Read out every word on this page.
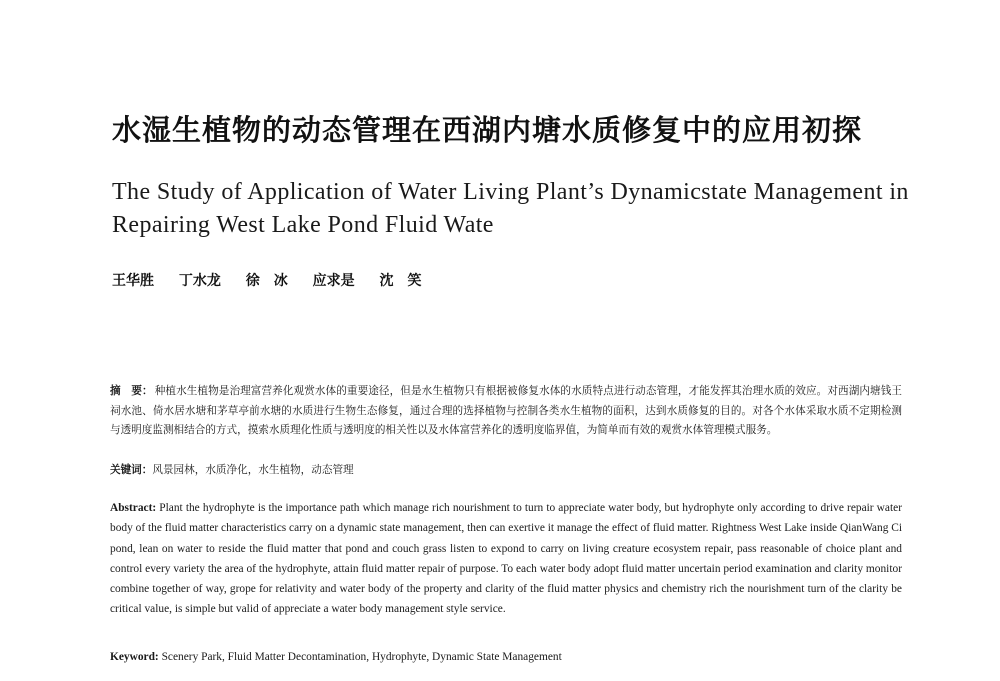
水湿生植物的动态管理在西湖内塘水质修复中的应用初探
The Study of Application of Water Living Plant’s Dynamicstate Management in Repairing West Lake Pond Fluid Wate
王华胜 丁水龙 徐　冰 应求是 沈　笑
摘　要： 种植水生植物是治理富营养化观赏水体的重要途径，但是水生植物只有根据被修复水体的水质特点进行动态管理，才能发挥其治理水质的效应。对西湖内塘钱王祠水池、倚水居水塘和茅草亭前水塘的水质进行生物生态修复，通过合理的选择植物与控制各类水生植物的面积，达到水质修复的目的。对各个水体采取水质不定期检测与透明度监测相结合的方式，摸索水质理化性质与透明度的相关性以及水体富营养化的透明度临界值，为简单而有效的观赏水体管理模式服务。
关键词：风景园林，水质净化，水生植物，动态管理
Abstract: Plant the hydrophyte is the importance path which manage rich nourishment to turn to appreciate water body, but hydrophyte only according to drive repair water body of the fluid matter characteristics carry on a dynamic state management, then can exertive it manage the effect of fluid matter. Rightness West Lake inside QianWang Ci pond, lean on water to reside the fluid matter that pond and couch grass listen to expond to carry on living creature ecosystem repair, pass reasonable of choice plant and control every variety the area of the hydrophyte, attain fluid matter repair of purpose. To each water body adopt fluid matter uncertain period examination and clarity monitor combine together of way, grope for relativity and water body of the property and clarity of the fluid matter physics and chemistry rich the nourishment turn of the clarity be critical value, is simple but valid of appreciate a water body management style service.
Keyword: Scenery Park, Fluid Matter Decontamination, Hydrophyte, Dynamic State Management
